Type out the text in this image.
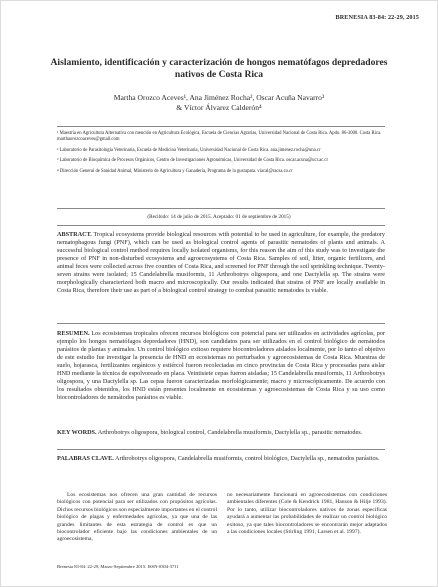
BRENESIA 83-84: 22-29, 2015
Aislamiento, identificación y caracterización de hongos nematófagos depredadores nativos de Costa Rica
Martha Orozco Aceves¹, Ana Jiménez Rocha², Oscar Acuña Navarro³
& Víctor Álvarez Calderón⁴
¹ Maestría en Agricultura Alternativa con mención en Agricultura Ecológica, Escuela de Ciencias Agrarias, Universidad Nacional de Costa Rica. Apdo. 86-3000. Costa Rica. marthaorozcoaceves@gmail.com
² Laboratorio de Parasitología Veterinaria, Escuela de Medicina Veterinaria, Universidad Nacional de Costa Rica. ana.jimenez.rocha@una.cr
³ Laboratorio de Bioquímica de Procesos Orgánicos, Centro de Investigaciones Agronómicas, Universidad de Costa Rica. oscar.acuna@ucr.ac.cr
⁴ Dirección General de Sanidad Animal, Ministerio de Agricultura y Ganadería, Programa de la gusrapata. viacal@racsa.co.cr
(Recibido: 14 de julio de 2015. Aceptado: 01 de septiembre de 2015)
ABSTRACT. Tropical ecosystems provide biological resources with potential to be used in agriculture, for example, the predatory nematophagous fungi (PNF), which can be used as biological control agents of parasitic nematodes of plants and animals. A successful biological control method requires locally isolated organisms, for this reason the aim of this study was to investigate the presence of PNF in non-disturbed ecosystems and agroecosystems of Costa Rica. Samples of soil, litter, organic fertilizers, and animal feces were collected across five counties of Costa Rica, and screened for PNF through the soil sprinkling technique. Twenty-seven strains were isolated; 15 Candelabrella musiformis, 11 Arthrobotrys oligospora, and one Dactylella sp. The strains were morphologically characterized both macro and microscopically. Our results indicated that strains of PNF are locally available in Costa Rica, therefore their use as part of a biological control strategy to combat parasitic nematodes is viable.
RESUMEN. Los ecosistemas tropicales ofrecen recursos biológicos con potencial para ser utilizados en actividades agrícolas, por ejemplo los hongos nematófagos depredadores (HND), son candidatos para ser utilizados en el control biológico de nemátodos parásitos de plantas y animales. Un control biológico exitoso requiere biocontroladores aislados localmente, por lo tanto el objetivo de este estudio fue investigar la presencia de HND en ecosistemas no perturbados y agroecosistemas de Costa Rica. Muestras de suelo, hojarasca, fertilizantes orgánicos y estiércol fueron recolectadas en cinco provincias de Costa Rica y procesadas para aislar HND mediante la técnica de espolvoreado en placa. Veintisiete cepas fueron aisladas; 15 Candelabrella musiformis, 11 Arthrobotrys oligospora, y una Dactylella sp. Las cepas fueron caracterizadas morfológicamente; macro y microscópicamente. De acuerdo con los resultados obtenidos, los HND están presentes localmente en ecosistemas y agroecosistemas de Costa Rica y su uso como biocontroladores de nemátodos parásitos es viable.
KEY WORDS. Arthrobotrys oligospora, biological control, Candelabrella musiformis, Dactylella sp., parasitic nematodes.
PALABRAS CLAVE. Arthrobotrys oligospora, Candelabrella musiformis, control biológico, Dactylella sp., nematodos parásitos.
Los ecosistemas nos ofrecen una gran cantidad de recursos biológicos con potencial para ser utilizados con propósitos agrícolas. Dichos recursos biológicos son especialmente importantes en el control biológico de plagas y enfermedades agrícolas, ya que una de las grandes limitantes de esta estrategia de control es que un biocontrolador eficiente bajo las condiciones ambientales de un agroecosistema,
no necesariamente funcionará en agroecosistemas con condiciones ambientales diferentes (Cole & Kendrick 1981, Hanson & Hilje 1993). Por lo tanto, utilizar biocontroladores nativos de zonas específicas ayudará a aumentar las probabilidades de realizar un control biológico exitoso, ya que tales biocontroladores se encontrarán mejor adaptados a las condiciones locales (Stirling 1991, Larsen et al. 1997).
Brenesia 83-84: 22-29, Marzo-Septiembre 2015. ISSN-0304-3711
